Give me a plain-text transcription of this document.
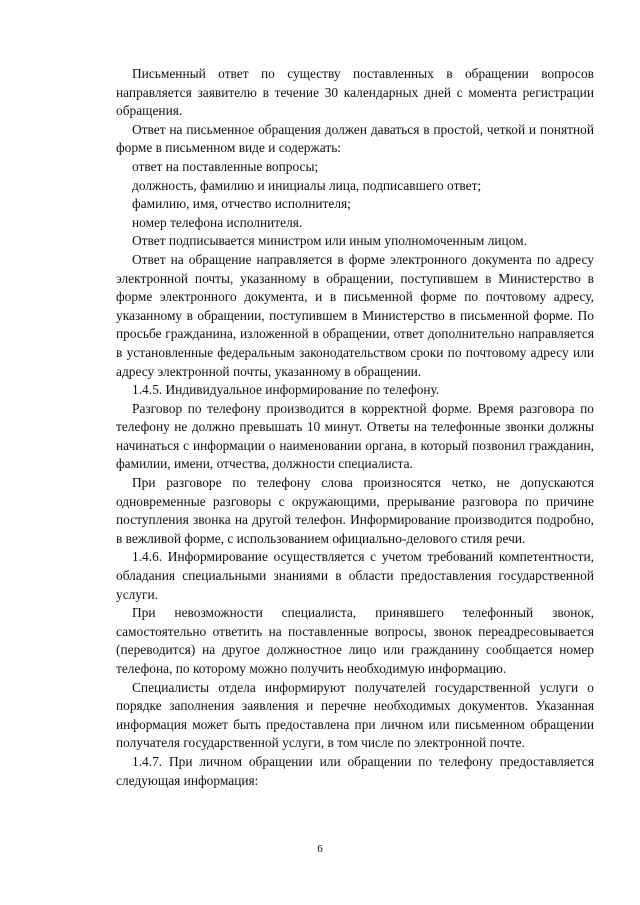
Письменный ответ по существу поставленных в обращении вопросов направляется заявителю в течение 30 календарных дней с момента регистрации обращения.

Ответ на письменное обращения должен даваться в простой, четкой и понятной форме в письменном виде и содержать:

ответ на поставленные вопросы;

должность, фамилию и инициалы лица, подписавшего ответ;

фамилию, имя, отчество исполнителя;

номер телефона исполнителя.

Ответ подписывается министром или иным уполномоченным лицом.

Ответ на обращение направляется в форме электронного документа по адресу электронной почты, указанному в обращении, поступившем в Министерство в форме электронного документа, и в письменной форме по почтовому адресу, указанному в обращении, поступившем в Министерство в письменной форме. По просьбе гражданина, изложенной в обращении, ответ дополнительно направляется в установленные федеральным законодательством сроки по почтовому адресу или адресу электронной почты, указанному в обращении.

1.4.5. Индивидуальное информирование по телефону.

Разговор по телефону производится в корректной форме. Время разговора по телефону не должно превышать 10 минут. Ответы на телефонные звонки должны начинаться с информации о наименовании органа, в который позвонил гражданин, фамилии, имени, отчества, должности специалиста.

При разговоре по телефону слова произносятся четко, не допускаются одновременные разговоры с окружающими, прерывание разговора по причине поступления звонка на другой телефон. Информирование производится подробно, в вежливой форме, с использованием официально-делового стиля речи.

1.4.6. Информирование осуществляется с учетом требований компетентности, обладания специальными знаниями в области предоставления государственной услуги.

При невозможности специалиста, принявшего телефонный звонок, самостоятельно ответить на поставленные вопросы, звонок переадресовывается (переводится) на другое должностное лицо или гражданину сообщается номер телефона, по которому можно получить необходимую информацию.

Специалисты отдела информируют получателей государственной услуги о порядке заполнения заявления и перечне необходимых документов. Указанная информация может быть предоставлена при личном или письменном обращении получателя государственной услуги, в том числе по электронной почте.

1.4.7. При личном обращении или обращении по телефону предоставляется следующая информация:

6
